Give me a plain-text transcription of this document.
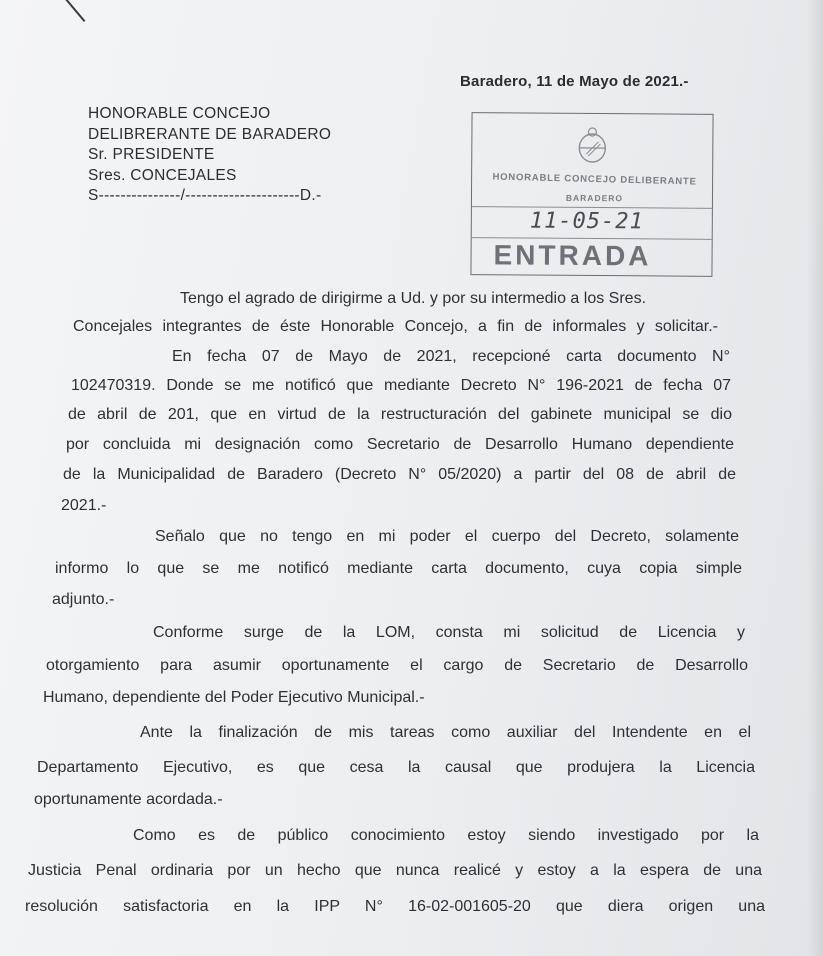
Baradero, 11 de Mayo de 2021.-
HONORABLE CONCEJO
DELIBRERANTE DE BARADERO
Sr. PRESIDENTE
Sres. CONCEJALES
S---------------/---------------------D.-
HONORABLE CONCEJO DELIBERANTE
BARADERO
11-05-21
ENTRADA
Tengo el agrado de dirigirme a Ud. y por su intermedio a los Sres.
Concejales integrantes de éste Honorable Concejo, a fin de informales y solicitar.-
En fecha 07 de Mayo de 2021, recepcioné carta documento N°
102470319. Donde se me notificó que mediante Decreto N° 196-2021 de fecha 07
de abril de 201, que en virtud de la restructuración del gabinete municipal se dio
por concluida mi designación como Secretario de Desarrollo Humano dependiente
de la Municipalidad de Baradero (Decreto N° 05/2020) a partir del 08 de abril de
2021.-
Señalo que no tengo en mi poder el cuerpo del Decreto, solamente
informo lo que se me notificó mediante carta documento, cuya copia simple
adjunto.-
Conforme surge de la LOM, consta mi solicitud de Licencia y
otorgamiento para asumir oportunamente el cargo de Secretario de Desarrollo
Humano, dependiente del Poder Ejecutivo Municipal.-
Ante la finalización de mis tareas como auxiliar del Intendente en el
Departamento Ejecutivo, es que cesa la causal que produjera la Licencia
oportunamente acordada.-
Como es de público conocimiento estoy siendo investigado por la
Justicia Penal ordinaria por un hecho que nunca realicé y estoy a la espera de una
resolución satisfactoria en la IPP N° 16-02-001605-20 que diera origen una
